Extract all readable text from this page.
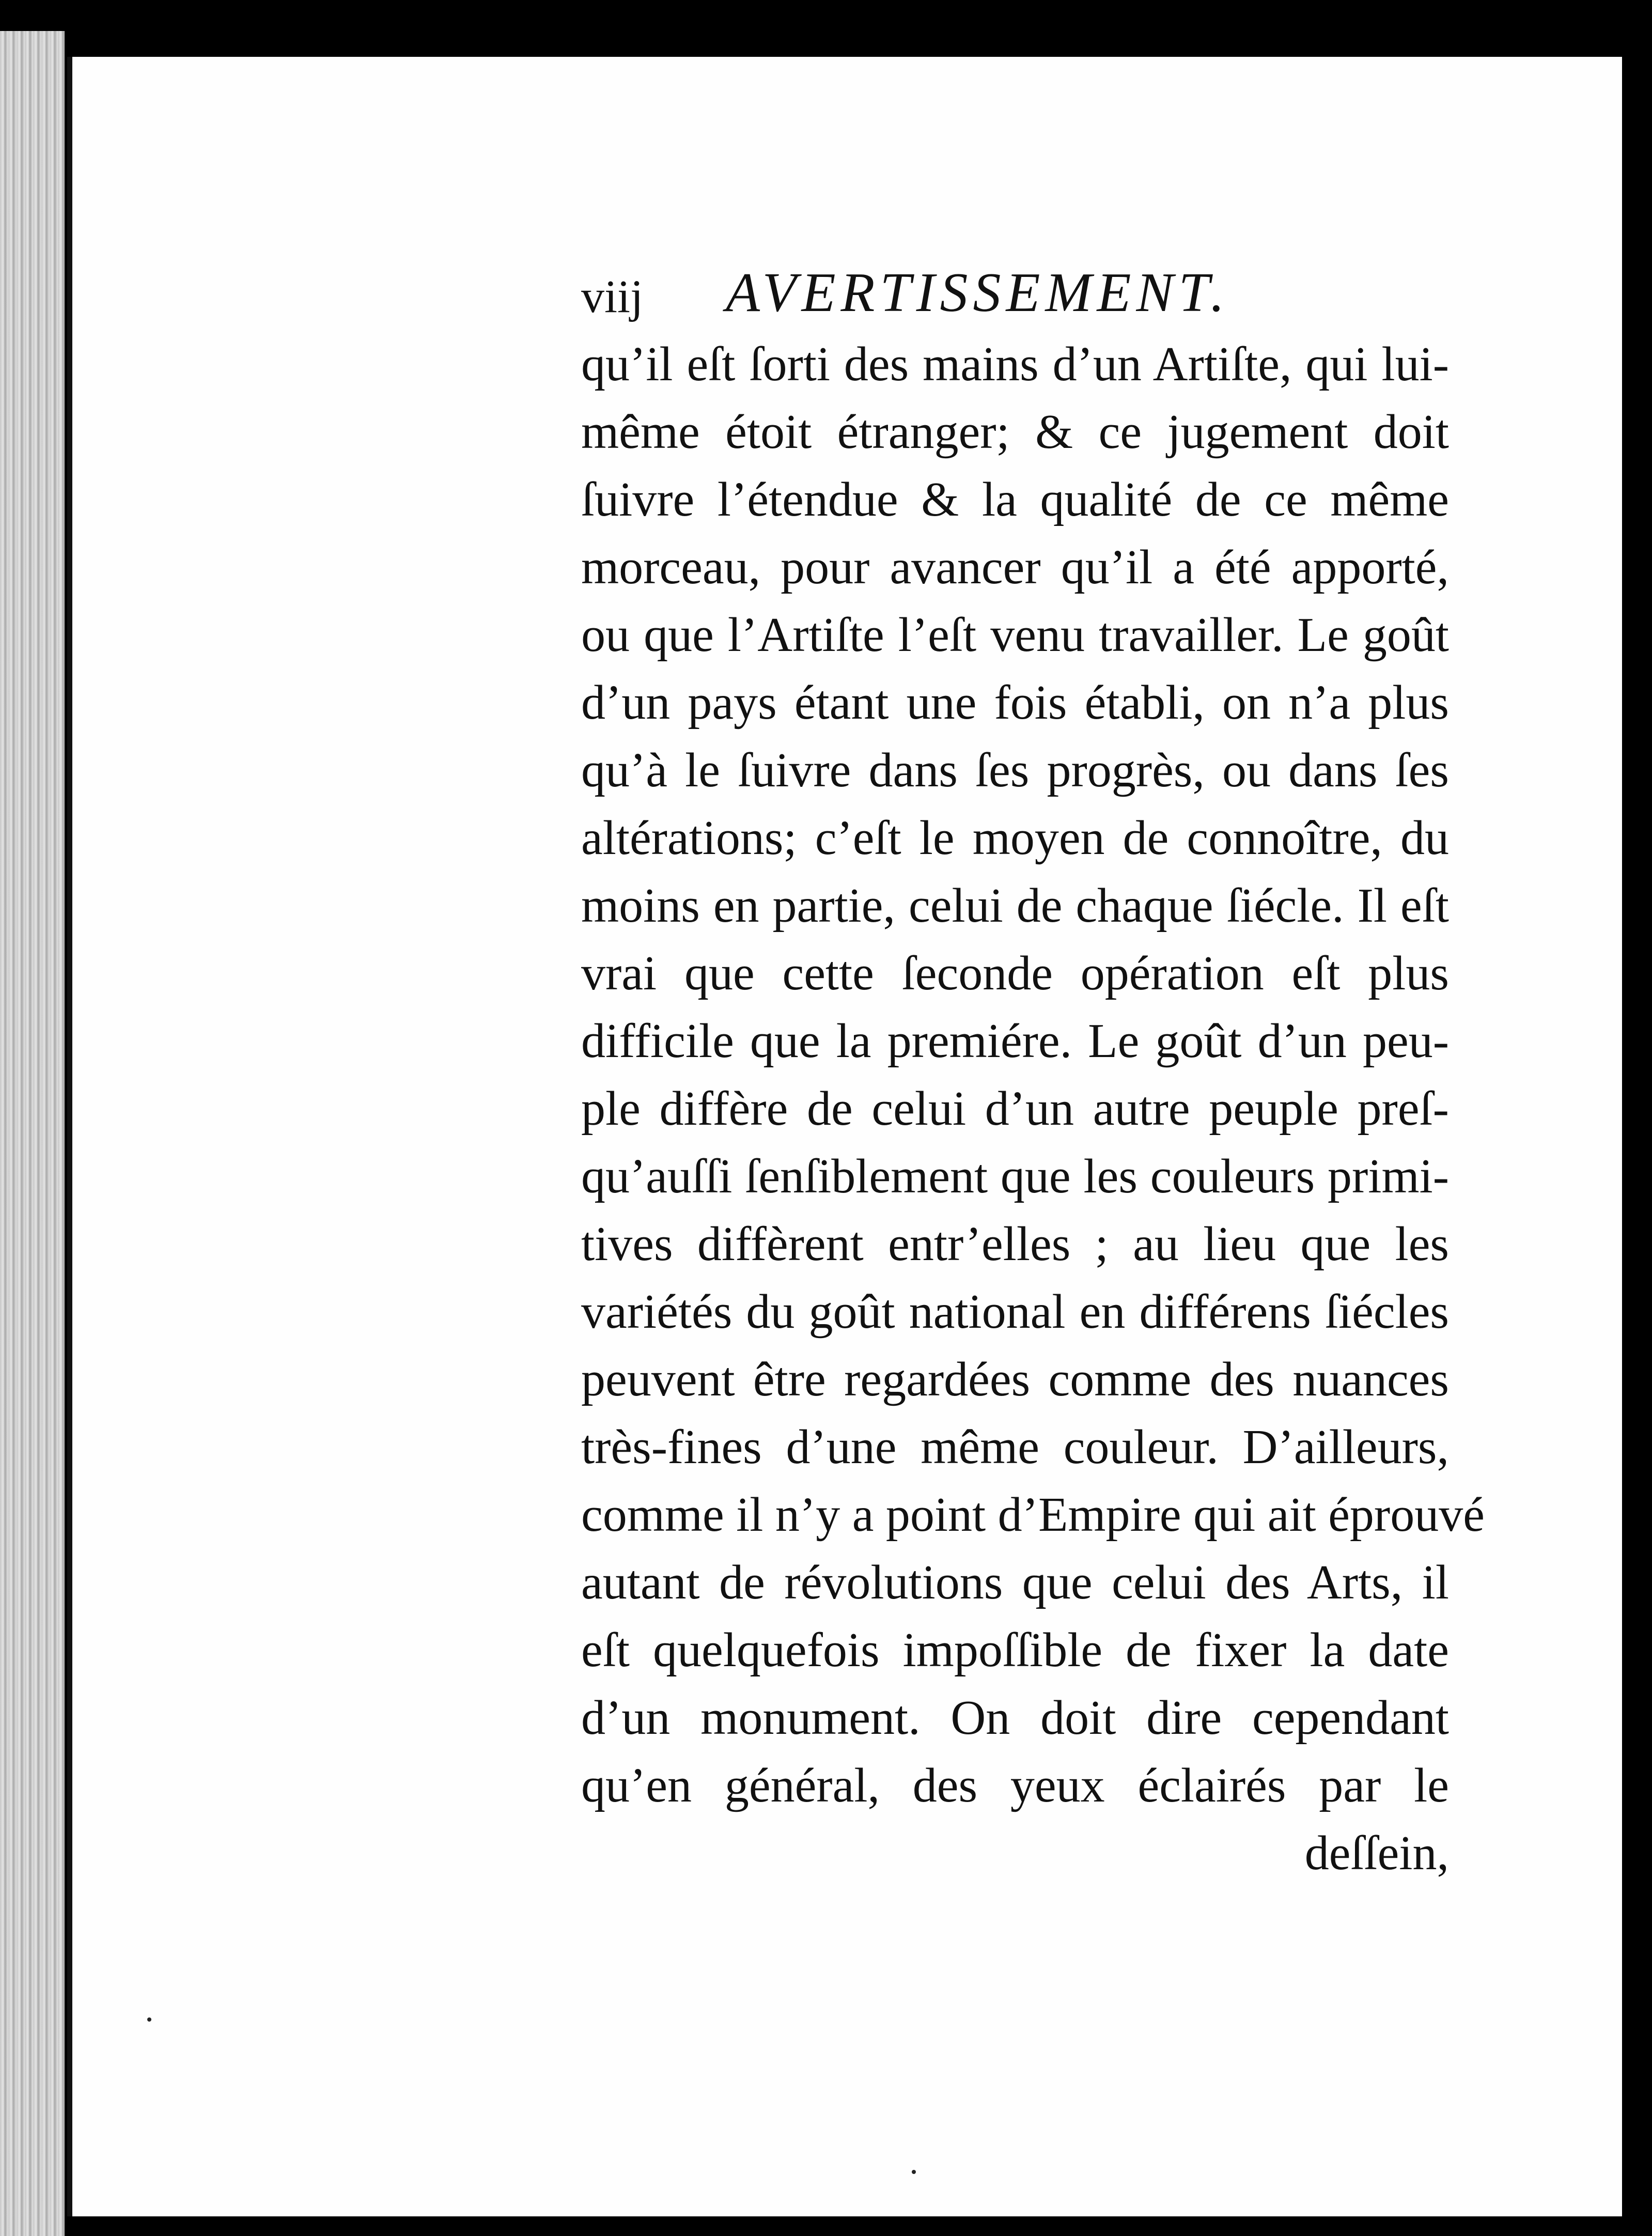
viij AVERTISSEMENT.
qu’il eſt ſorti des mains d’un Artiſte, qui lui-
même étoit étranger; & ce jugement doit
ſuivre l’étendue & la qualité de ce même
morceau, pour avancer qu’il a été apporté,
ou que l’Artiſte l’eſt venu travailler. Le goût
d’un pays étant une fois établi, on n’a plus
qu’à le ſuivre dans ſes progrès, ou dans ſes
altérations; c’eſt le moyen de connoître, du
moins en partie, celui de chaque ſiécle. Il eſt
vrai que cette ſeconde opération eſt plus
difficile que la premiére. Le goût d’un peu-
ple diffère de celui d’un autre peuple preſ-
qu’auſſi ſenſiblement que les couleurs primi-
tives diffèrent entr’elles ; au lieu que les
variétés du goût national en différens ſiécles
peuvent être regardées comme des nuances
très-fines d’une même couleur. D’ailleurs,
comme il n’y a point d’Empire qui ait éprouvé
autant de révolutions que celui des Arts, il
eſt quelquefois impoſſible de fixer la date
d’un monument. On doit dire cependant
qu’en général, des yeux éclairés par le
deſſein,
